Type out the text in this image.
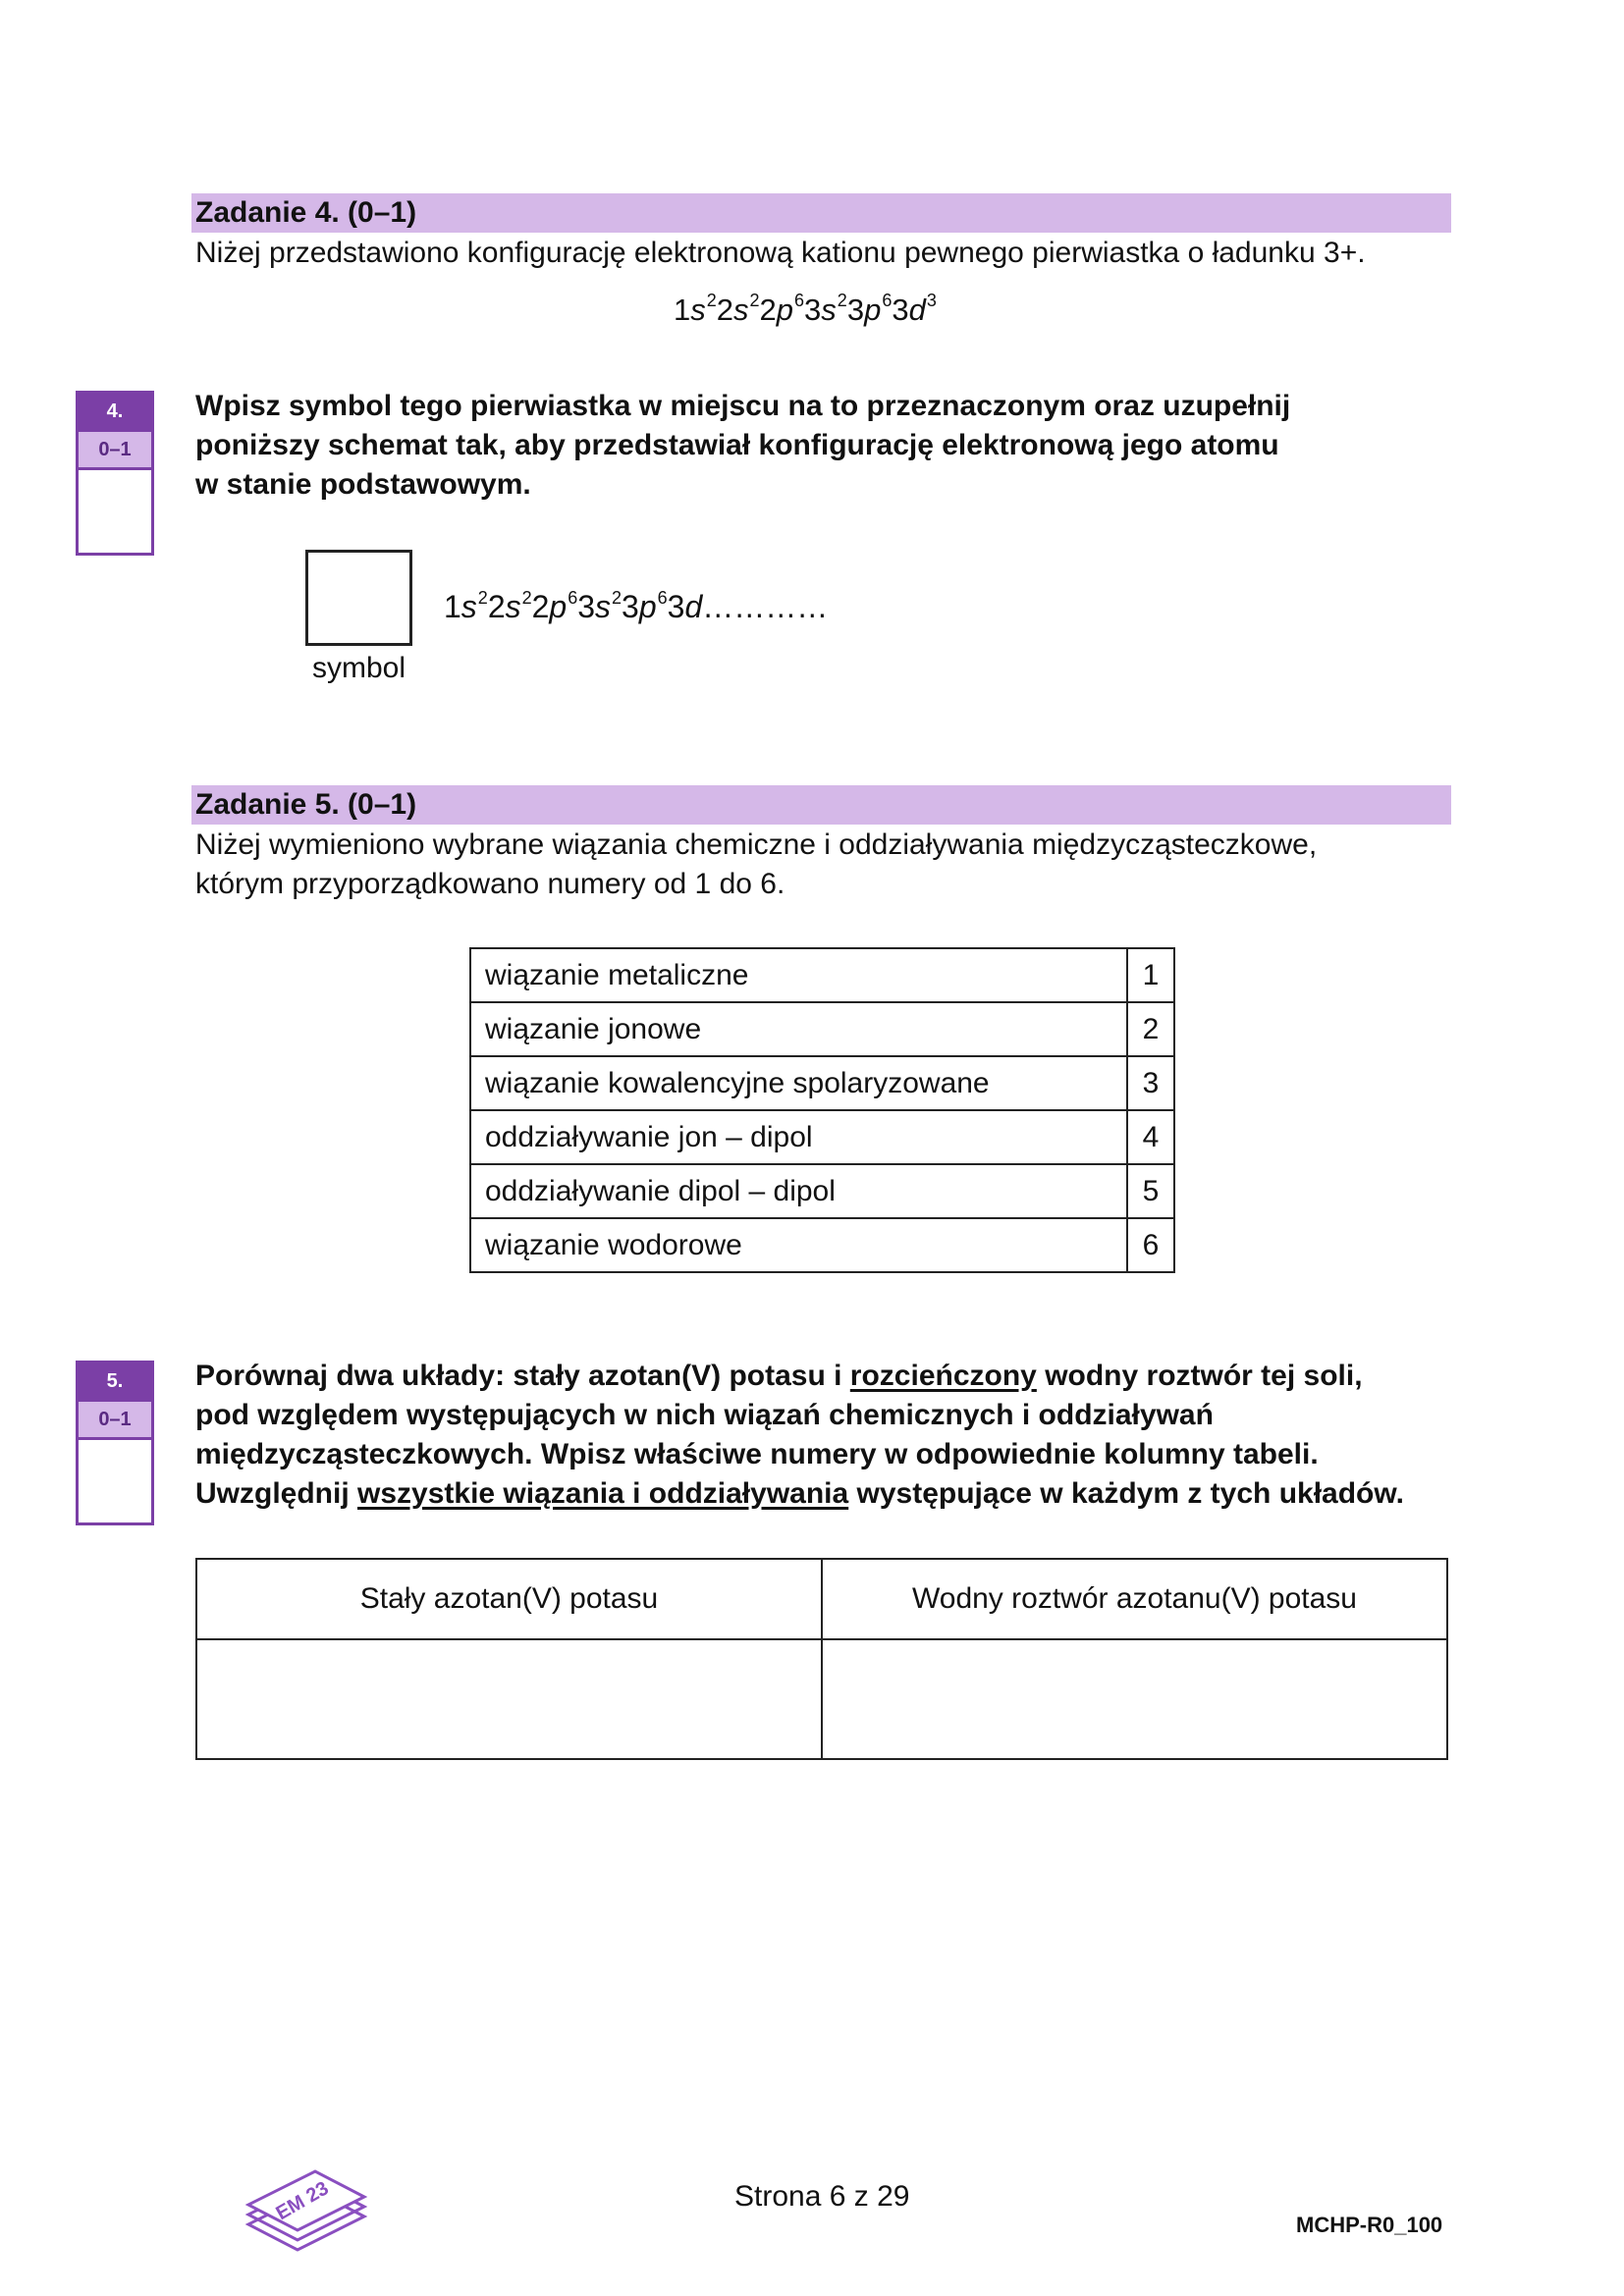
Zadanie 4. (0–1)
Niżej przedstawiono konfigurację elektronową kationu pewnego pierwiastka o ładunku 3+.
$1s^22s^22p^63s^23p^63d^3$
4.
0–1
Wpisz symbol tego pierwiastka w miejscu na to przeznaczonym oraz uzupełnij
poniższy schemat tak, aby przedstawiał konfigurację elektronową jego atomu
w stanie podstawowym.
symbol
$1s^22s^22p^63s^23p^63d\dots\dots\dots\dots$
Zadanie 5. (0–1)
Niżej wymieniono wybrane wiązania chemiczne i oddziaływania międzycząsteczkowe,
którym przyporządkowano numery od 1 do 6.
wiązanie metaliczne	1
wiązanie jonowe	2
wiązanie kowalencyjne spolaryzowane	3
oddziaływanie jon – dipol	4
oddziaływanie dipol – dipol	5
wiązanie wodorowe	6
5.
0–1
Porównaj dwa układy: stały azotan(V) potasu i rozcieńczony wodny roztwór tej soli,
pod względem występujących w nich wiązań chemicznych i oddziaływań
międzycząsteczkowych. Wpisz właściwe numery w odpowiednie kolumny tabeli.
Uwzględnij wszystkie wiązania i oddziaływania występujące w każdym z tych układów.
Stały azotan(V) potasu	Wodny roztwór azotanu(V) potasu

EM 23	Strona 6 z 29
MCHP-R0_100
